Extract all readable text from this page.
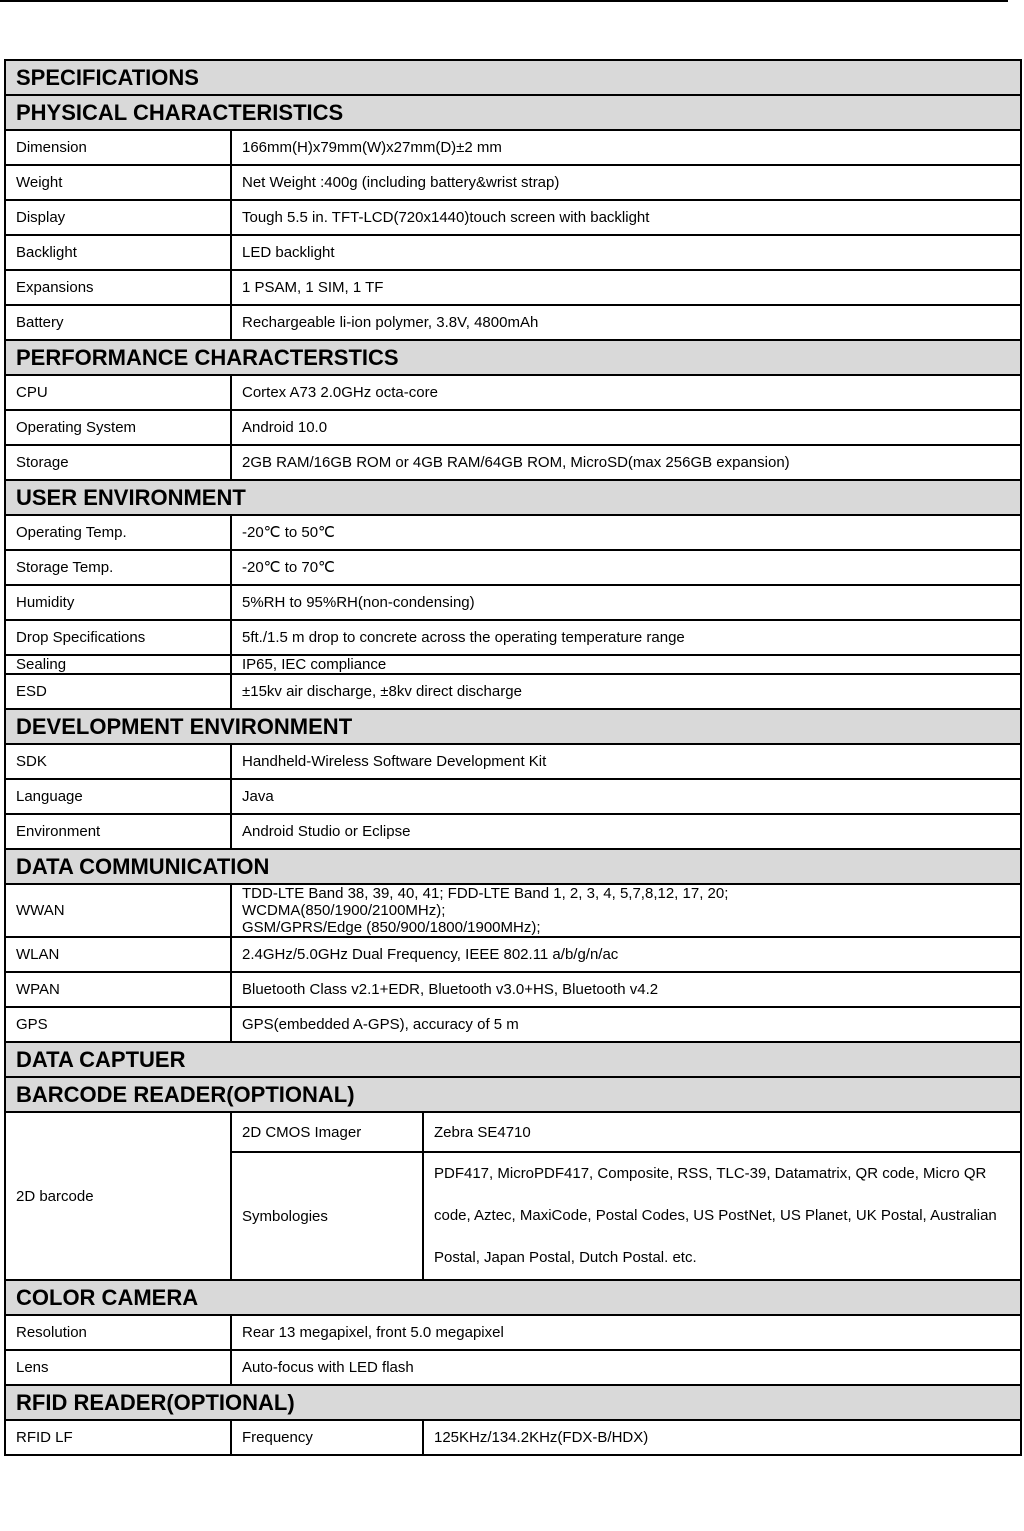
SPECIFICATIONS		
PHYSICAL CHARACTERISTICS		
Dimension	166mm(H)x79mm(W)x27mm(D)±2 mm	
Weight	Net Weight :400g (including battery&wrist strap)	
Display	Tough 5.5 in. TFT-LCD(720x1440)touch screen with backlight	
Backlight	LED backlight	
Expansions	1 PSAM, 1 SIM, 1 TF	
Battery	Rechargeable li-ion polymer, 3.8V, 4800mAh	
PERFORMANCE CHARACTERSTICS		
CPU	Cortex A73 2.0GHz octa-core	
Operating System	Android 10.0	
Storage	2GB RAM/16GB ROM or 4GB RAM/64GB ROM, MicroSD(max 256GB expansion)	
USER ENVIRONMENT		
Operating Temp.	-20℃ to 50℃	
Storage Temp.	-20℃ to 70℃	
Humidity	5%RH to 95%RH(non-condensing)	
Drop Specifications	5ft./1.5 m drop to concrete across the operating temperature range	
Sealing	IP65, IEC compliance	
ESD	±15kv air discharge, ±8kv direct discharge	
DEVELOPMENT ENVIRONMENT		
SDK	Handheld-Wireless Software Development Kit	
Language	Java	
Environment	Android Studio or Eclipse	
DATA COMMUNICATION		
WWAN	TDD-LTE Band 38, 39, 40, 41; FDD-LTE Band 1, 2, 3, 4, 5,7,8,12, 17, 20;
WCDMA(850/1900/2100MHz);
GSM/GPRS/Edge (850/900/1800/1900MHz);	

WLAN	2.4GHz/5.0GHz Dual Frequency, IEEE 802.11 a/b/g/n/ac	
WPAN	Bluetooth Class v2.1+EDR, Bluetooth v3.0+HS, Bluetooth v4.2	
GPS	GPS(embedded A-GPS), accuracy of 5 m	
DATA CAPTUER		
BARCODE READER(OPTIONAL)		
2D barcode	2D CMOS Imager	Zebra SE4710
	Symbologies	PDF417, MicroPDF417, Composite, RSS, TLC-39, Datamatrix, QR code, Micro QR code, Aztec, MaxiCode, Postal Codes, US PostNet, US Planet, UK Postal, Australian Postal, Japan Postal, Dutch Postal. etc.
COLOR CAMERA		
Resolution	Rear 13 megapixel, front 5.0 megapixel	
Lens	Auto-focus with LED flash	
RFID READER(OPTIONAL)		
RFID LF	Frequency	125KHz/134.2KHz(FDX-B/HDX)
